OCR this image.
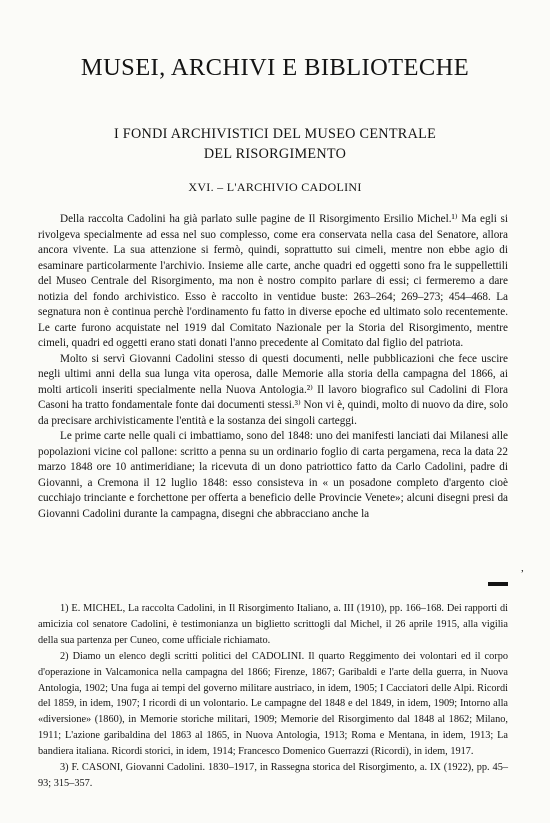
MUSEI, ARCHIVI E BIBLIOTECHE
I FONDI ARCHIVISTICI DEL MUSEO CENTRALE
DEL RISORGIMENTO
XVI. – L'ARCHIVIO CADOLINI

Della raccolta Cadolini ha già parlato sulle pagine de Il Risorgimento Ersilio Michel.¹⁾ Ma egli si rivolgeva specialmente ad essa nel suo complesso, come era conservata nella casa del Senatore, allora ancora vivente. La sua attenzione si fermò, quindi, soprattutto sui cimeli, mentre non ebbe agio di esaminare particolarmente l'archivio. Insieme alle carte, anche quadri ed oggetti sono fra le suppellettili del Museo Centrale del Risorgimento, ma non è nostro compito parlare di essi; ci fermeremo a dare notizia del fondo archivistico. Esso è raccolto in ventidue buste: 263–264; 269–273; 454–468. La segnatura non è continua perchè l'ordinamento fu fatto in diverse epoche ed ultimato solo recentemente. Le carte furono acquistate nel 1919 dal Comitato Nazionale per la Storia del Risorgimento, mentre cimeli, quadri ed oggetti erano stati donati l'anno precedente al Comitato dal figlio del patriota.

Molto si servì Giovanni Cadolini stesso di questi documenti, nelle pubblicazioni che fece uscire negli ultimi anni della sua lunga vita operosa, dalle Memorie alla storia della campagna del 1866, ai molti articoli inseriti specialmente nella Nuova Antologia.²⁾ Il lavoro biografico sul Cadolini di Flora Casoni ha tratto fondamentale fonte dai documenti stessi.³⁾ Non vi è, quindi, molto di nuovo da dire, solo da precisare archivisticamente l'entità e la sostanza dei singoli carteggi.

Le prime carte nelle quali ci imbattiamo, sono del 1848: uno dei manifesti lanciati dai Milanesi alle popolazioni vicine col pallone: scritto a penna su un ordinario foglio di carta pergamena, reca la data 22 marzo 1848 ore 10 antimeridiane; la ricevuta di un dono patriottico fatto da Carlo Cadolini, padre di Giovanni, a Cremona il 12 luglio 1848: esso consisteva in « un posadone completo d'argento cioè cucchiajo trinciante e forchettone per offerta a beneficio delle Provincie Venete»; alcuni disegni presi da Giovanni Cadolini durante la campagna, disegni che abbracciano anche la

,

1) E. MICHEL, La raccolta Cadolini, in Il Risorgimento Italiano, a. III (1910), pp. 166–168. Dei rapporti di amicizia col senatore Cadolini, è testimonianza un biglietto scrittogli dal Michel, il 26 aprile 1915, alla vigilia della sua partenza per Cuneo, come ufficiale richiamato.

2) Diamo un elenco degli scritti politici del CADOLINI. Il quarto Reggimento dei volontari ed il corpo d'operazione in Valcamonica nella campagna del 1866; Firenze, 1867; Garibaldi e l'arte della guerra, in Nuova Antologia, 1902; Una fuga ai tempi del governo militare austriaco, in idem, 1905; I Cacciatori delle Alpi. Ricordi del 1859, in idem, 1907; I ricordi di un volontario. Le campagne del 1848 e del 1849, in idem, 1909; Intorno alla «diversione» (1860), in Memorie storiche militari, 1909; Memorie del Risorgimento dal 1848 al 1862; Milano, 1911; L'azione garibaldina del 1863 al 1865, in Nuova Antologia, 1913; Roma e Mentana, in idem, 1913; La bandiera italiana. Ricordi storici, in idem, 1914; Francesco Domenico Guerrazzi (Ricordi), in idem, 1917.

3) F. CASONI, Giovanni Cadolini. 1830–1917, in Rassegna storica del Risorgimento, a. IX (1922), pp. 45–93; 315–357.
